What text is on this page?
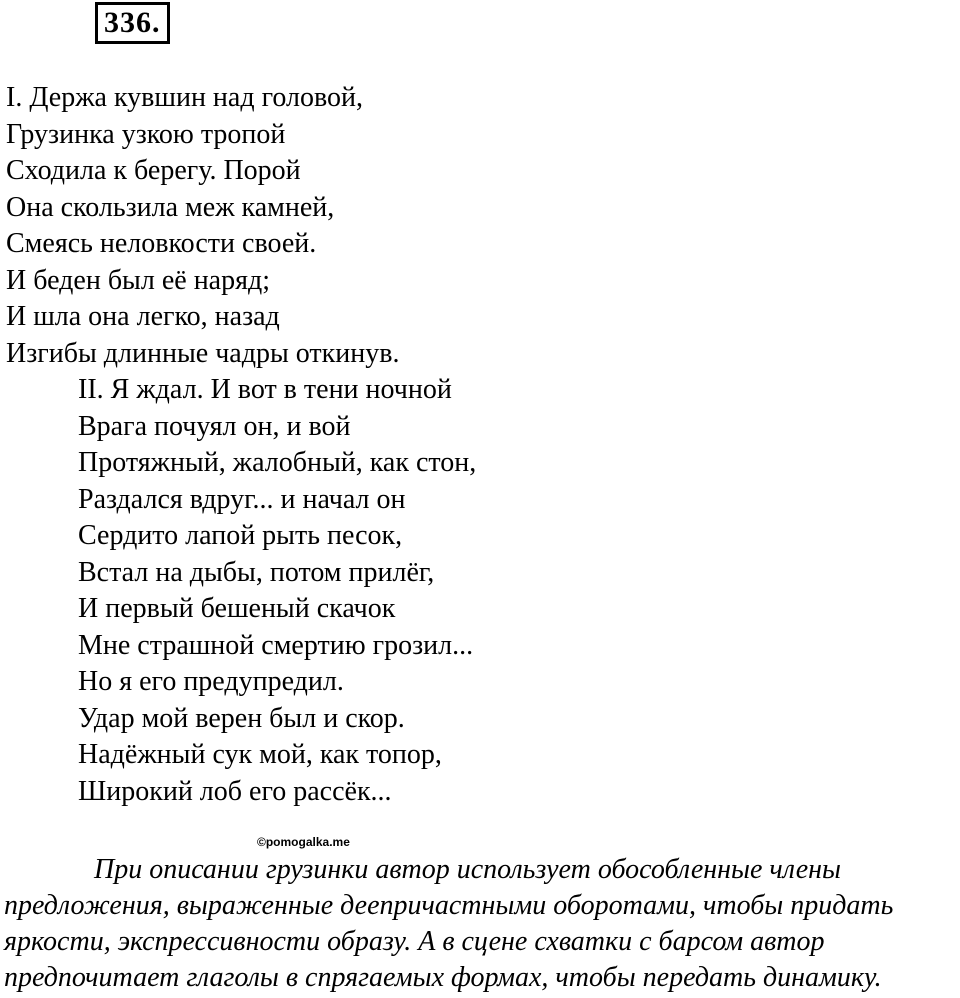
336.
I. Держа кувшин над головой,
Грузинка узкою тропой
Сходила к берегу. Порой
Она скользила меж камней,
Смеясь неловкости своей.
И беден был её наряд;
И шла она легко, назад
Изгибы длинные чадры откинув.
II. Я ждал. И вот в тени ночной
Врага почуял он, и вой
Протяжный, жалобный, как стон,
Раздался вдруг... и начал он
Сердито лапой рыть песок,
Встал на дыбы, потом прилёг,
И первый бешеный скачок
Мне страшной смертию грозил...
Но я его предупредил.
Удар мой верен был и скор.
Надёжный сук мой, как топор,
Широкий лоб его рассёк...
©pomogalka.me

При описании грузинки автор использует обособленные члены
предложения, выраженные деепричастными оборотами, чтобы придать
яркости, экспрессивности образу. А в сцене схватки с барсом автор
предпочитает глаголы в спрягаемых формах, чтобы передать динамику.
